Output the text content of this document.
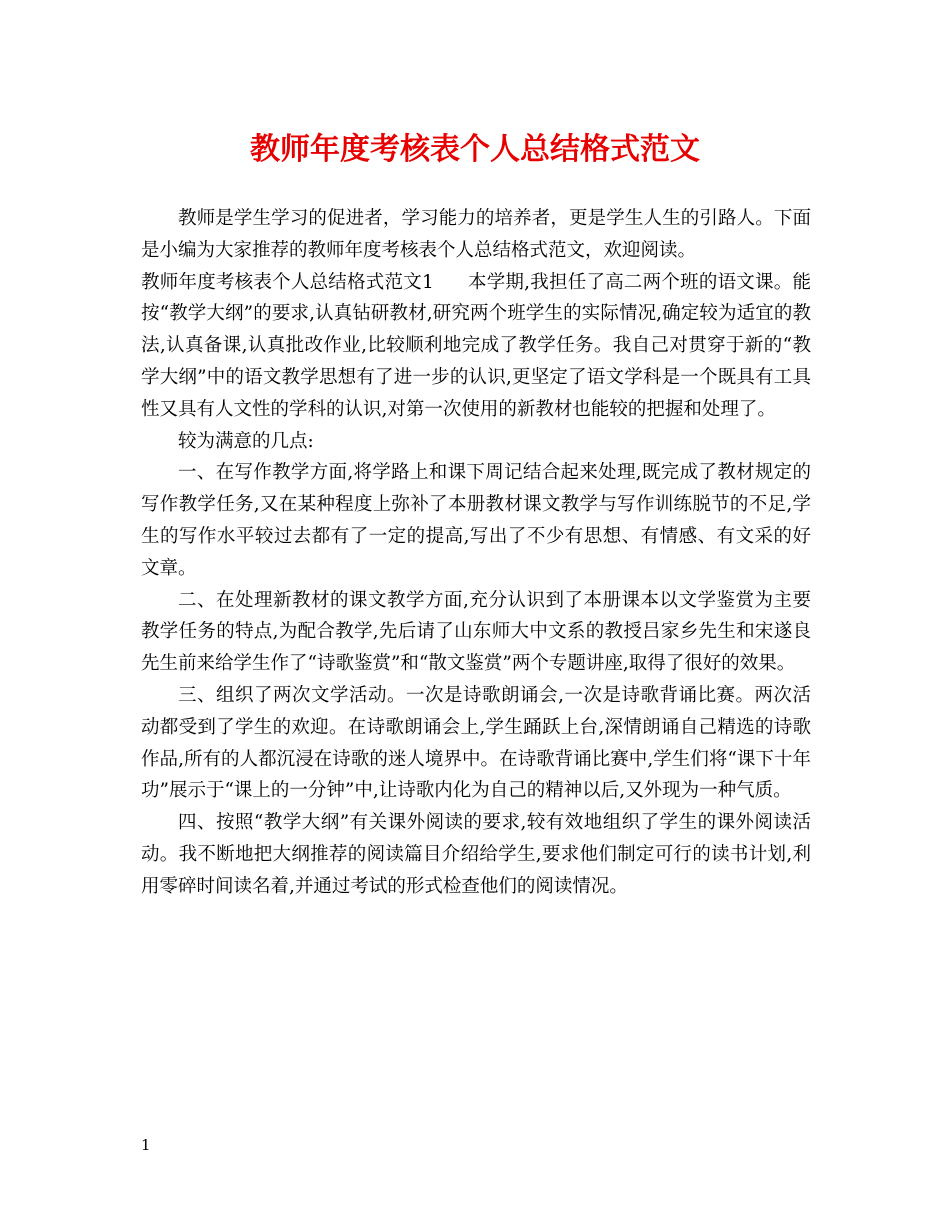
教师年度考核表个人总结格式范文

教师是学生学习的促进者，学习能力的培养者，更是学生人生的引路人。下面是小编为大家推荐的教师年度考核表个人总结格式范文，欢迎阅读。

教师年度考核表个人总结格式范文1 本学期,我担任了高二两个班的语文课。能按“教学大纲”的要求,认真钻研教材,研究两个班学生的实际情况,确定较为适宜的教法,认真备课,认真批改作业,比较顺利地完成了教学任务。我自己对贯穿于新的“教学大纲”中的语文教学思想有了进一步的认识,更坚定了语文学科是一个既具有工具性又具有人文性的学科的认识,对第一次使用的新教材也能较的把握和处理了。

较为满意的几点:

一、在写作教学方面,将学路上和课下周记结合起来处理,既完成了教材规定的写作教学任务,又在某种程度上弥补了本册教材课文教学与写作训练脱节的不足,学生的写作水平较过去都有了一定的提高,写出了不少有思想、有情感、有文采的好文章。

二、在处理新教材的课文教学方面,充分认识到了本册课本以文学鉴赏为主要教学任务的特点,为配合教学,先后请了山东师大中文系的教授吕家乡先生和宋遂良先生前来给学生作了“诗歌鉴赏”和“散文鉴赏”两个专题讲座,取得了很好的效果。

三、组织了两次文学活动。一次是诗歌朗诵会,一次是诗歌背诵比赛。两次活动都受到了学生的欢迎。在诗歌朗诵会上,学生踊跃上台,深情朗诵自己精选的诗歌作品,所有的人都沉浸在诗歌的迷人境界中。在诗歌背诵比赛中,学生们将“课下十年功”展示于“课上的一分钟”中,让诗歌内化为自己的精神以后,又外现为一种气质。

四、按照“教学大纲”有关课外阅读的要求,较有效地组织了学生的课外阅读活动。我不断地把大纲推荐的阅读篇目介绍给学生,要求他们制定可行的读书计划,利用零碎时间读名着,并通过考试的形式检查他们的阅读情况。

1
